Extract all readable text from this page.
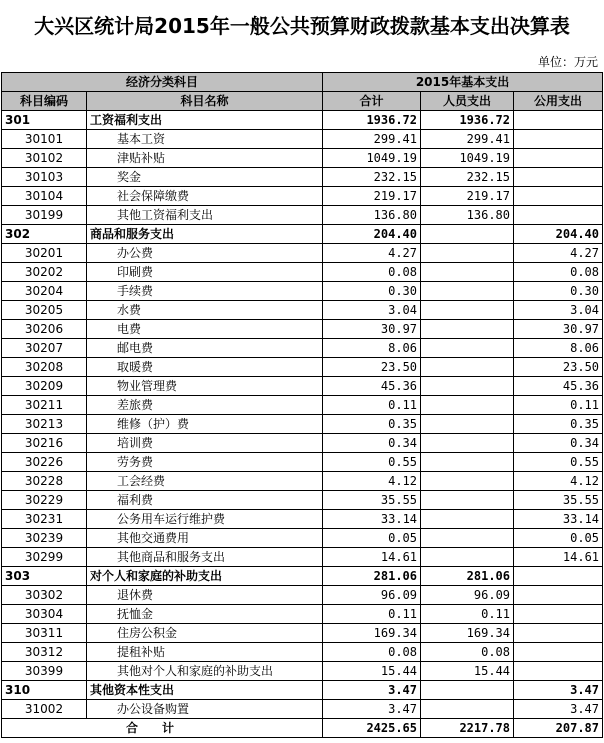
大兴区统计局2015年一般公共预算财政拨款基本支出决算表
单位：万元
经济分类科目		2015年基本支出		
科目编码	科目名称	合计	人员支出	公用支出
301	工资福利支出	1936.72	1936.72	
30101	基本工资	299.41	299.41	
30102	津贴补贴	1049.19	1049.19	
30103	奖金	232.15	232.15	
30104	社会保障缴费	219.17	219.17	
30199	其他工资福利支出	136.80	136.80	
302	商品和服务支出	204.40		204.40
30201	办公费	4.27		4.27
30202	印刷费	0.08		0.08
30204	手续费	0.30		0.30
30205	水费	3.04		3.04
30206	电费	30.97		30.97
30207	邮电费	8.06		8.06
30208	取暖费	23.50		23.50
30209	物业管理费	45.36		45.36
30211	差旅费	0.11		0.11
30213	维修（护）费	0.35		0.35
30216	培训费	0.34		0.34
30226	劳务费	0.55		0.55
30228	工会经费	4.12		4.12
30229	福利费	35.55		35.55
30231	公务用车运行维护费	33.14		33.14
30239	其他交通费用	0.05		0.05
30299	其他商品和服务支出	14.61		14.61
303	对个人和家庭的补助支出	281.06	281.06	
30302	退休费	96.09	96.09	
30304	抚恤金	0.11	0.11	
30311	住房公积金	169.34	169.34	
30312	提租补贴	0.08	0.08	
30399	其他对个人和家庭的补助支出	15.44	15.44	
310	其他资本性支出	3.47		3.47
31002	办公设备购置	3.47		3.47
合计		2425.65	2217.78	207.87
